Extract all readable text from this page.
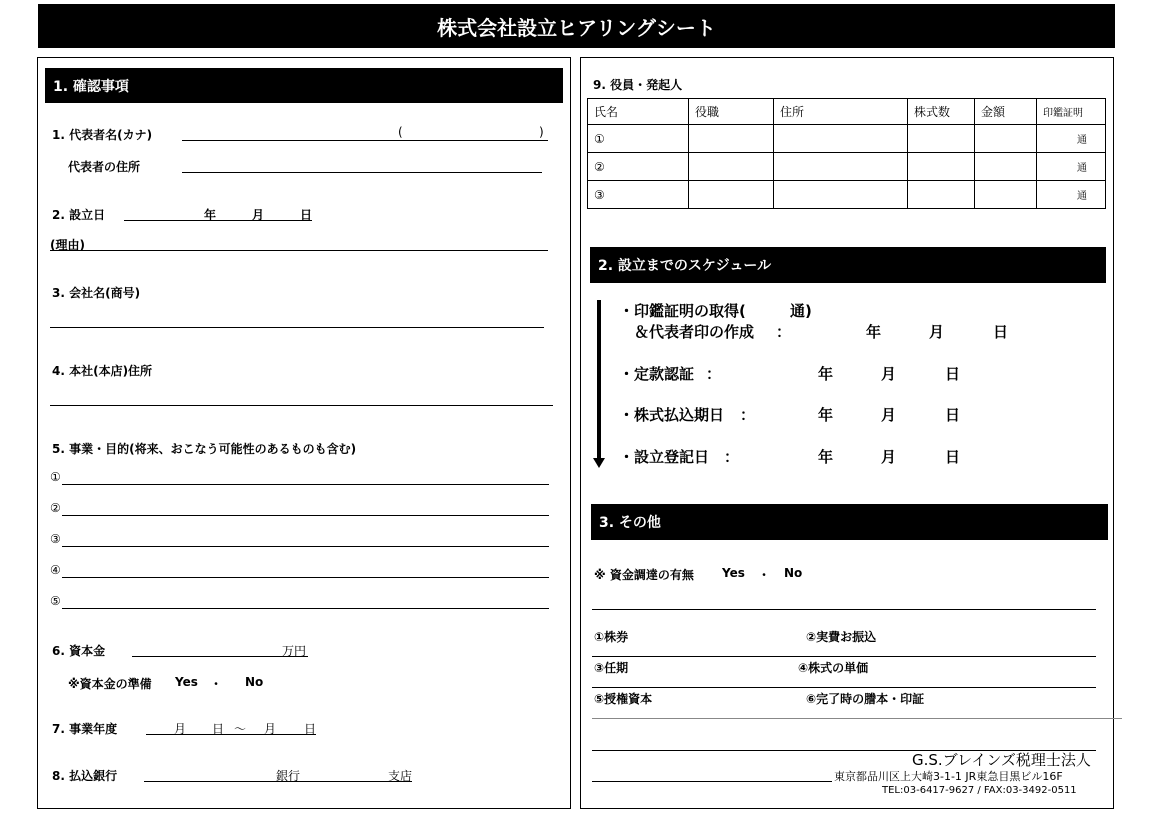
株式会社設立ヒアリングシート
1. 確認事項
1. 代表者名(カナ)	(	)
代表者の住所
2. 設立日	年	月	日
(理由)
3. 会社名(商号)
4. 本社(本店)住所
5. 事業・目的(将来、おこなう可能性のあるものも含む)
①
②
③
④
⑤
6. 資本金	万円
※資本金の準備 Yes ・ No
7. 事業年度	月 日 ～ 月 日
8. 払込銀行	銀行	支店
9. 役員・発起人
氏名	役職	住所	株式数	金額	印鑑証明
①					通
②					通
③					通
2. 設立までのスケジュール
・印鑑証明の取得(	通)
＆代表者印の作成 ：	年	月	日
・定款認証 ：	年	月	日
・株式払込期日 ：	年	月	日
・設立登記日 ：	年	月	日
3. その他
※ 資金調達の有無 Yes ・ No
①株券	②実費お振込
③任期	④株式の単価
⑤授権資本	⑥完了時の謄本・印証
G.S.ブレインズ税理士法人
東京都品川区上大崎3-1-1 JR東急目黒ビル16F
TEL:03-6417-9627 / FAX:03-3492-0511
